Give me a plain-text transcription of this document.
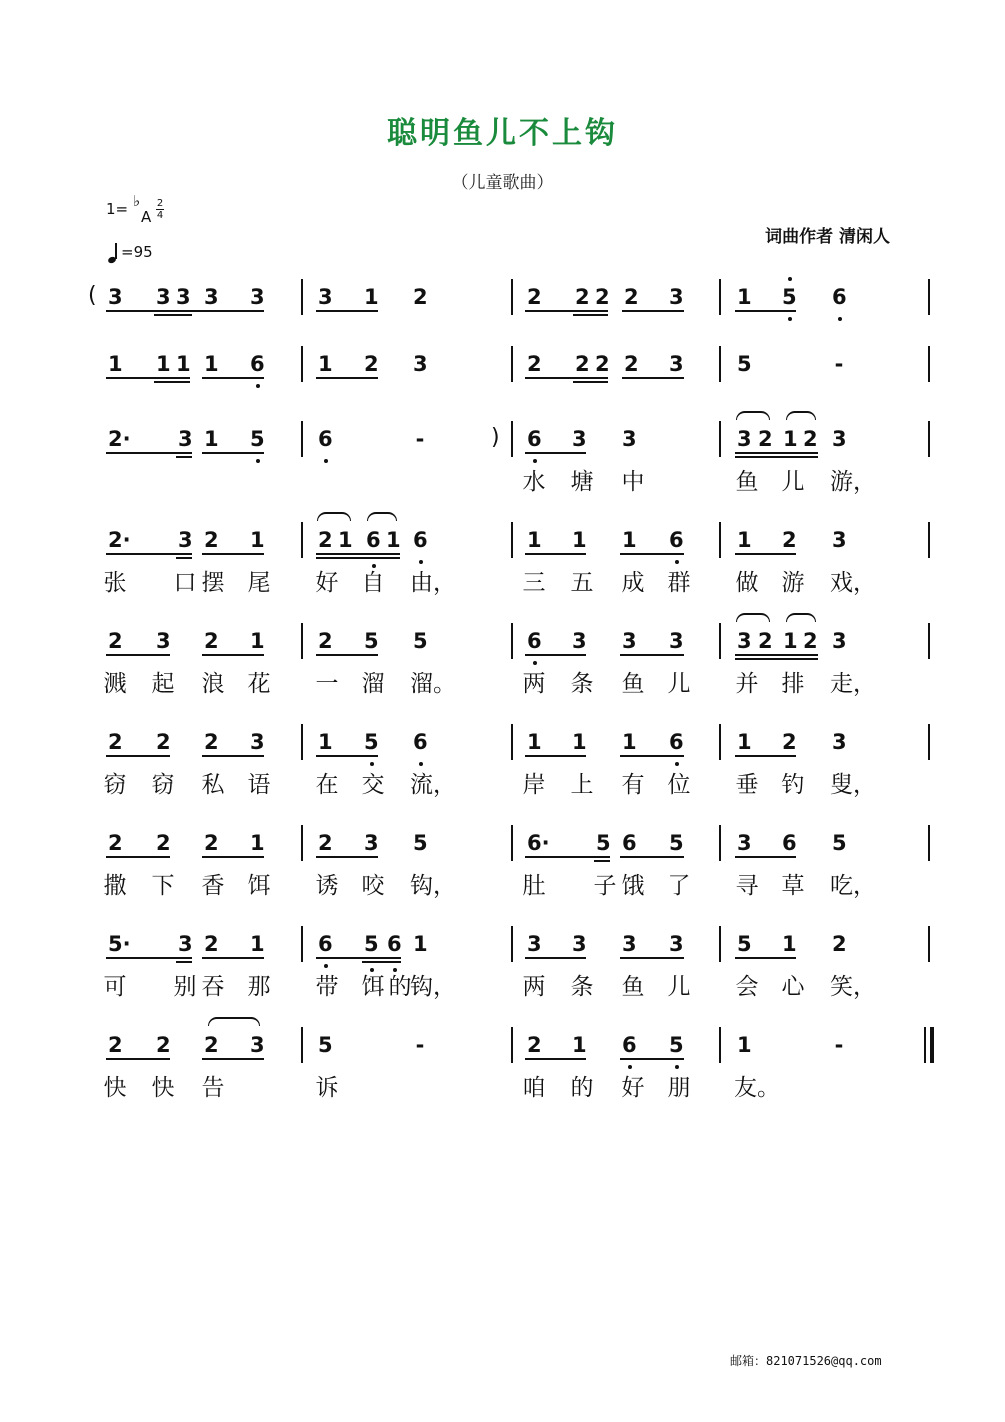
聪明鱼儿不上钩
（儿童歌曲）
1= ♭
A
2
4
=95
词曲作者 清闲人
( 3 3 3 3 3	3 1 2	2 2 2 2 3	1 5 6
1 1 1 1 6	1 2 3	2 2 2 2 3	5	-
)
2· 3 1 5	6	-	6 3 3	3 2 1 2 3
水 塘 中	鱼 儿 游，
2· 3 2 1	2 1 6 1 6	1 1 1 6	1 2 3
张 口 摆 尾 好 自 由，	三 五 成 群 做 游 戏，
2 3 2 1	2 5 5	6 3 3 3	3 2 1 2 3
溅 起 浪 花 一 溜 溜。	两 条 鱼 儿 并 排 走，
2 2 2 3	1 5 6	1 1 1 6	1 2 3
窃 窃 私 语 在 交 流，	岸 上 有 位 垂 钓 叟，
2 2 2 1	2 3 5	6· 5 6 5	3 6 5
撒 下 香 饵 诱 咬 钩，	肚 子 饿 了 寻 草 吃，
5· 3 2 1	6 5 6 1	3 3 3 3	5 1 2
可 别 吞 那 带 饵 的
钩，	两 条 鱼 儿 会 心 笑，
2 2 2 3	5	-	2 1 6 5	1	-
快 快 告	诉	咱 的 好 朋 友。
邮箱：821071526@qq.com
